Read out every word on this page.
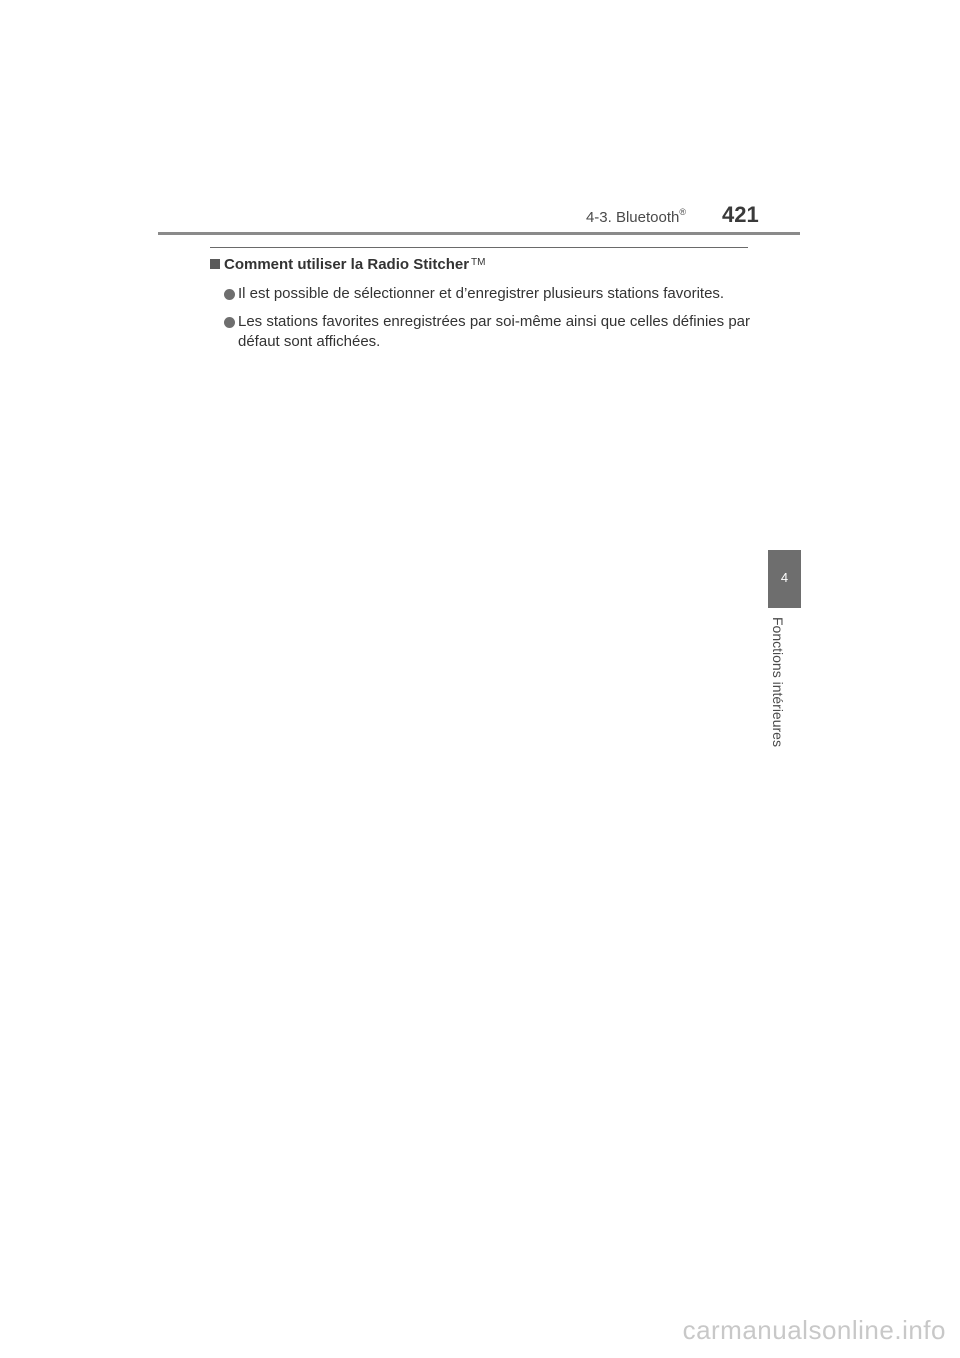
4-3. Bluetooth® 421
Comment utiliser la Radio Stitcher ™
Il est possible de sélectionner et d’enregistrer plusieurs stations favorites.
Les stations favorites enregistrées par soi-même ainsi que celles définies par défaut sont affichées.
4
Fonctions intérieures
carmanualsonline.info
